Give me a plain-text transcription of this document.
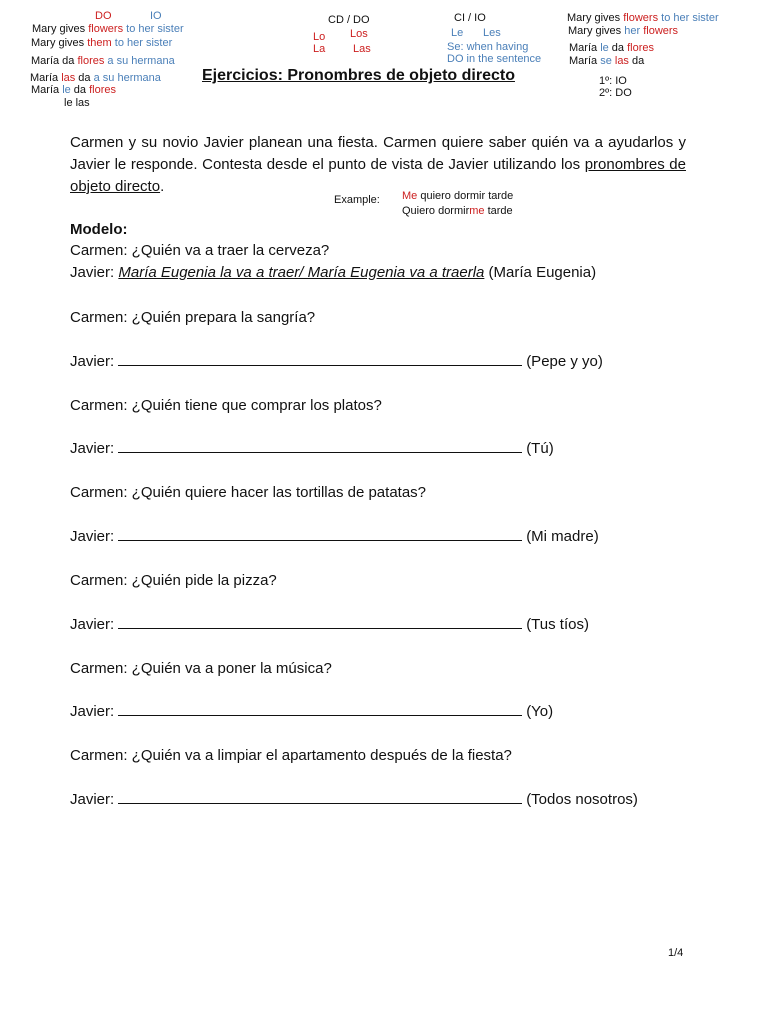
DO	IO
Mary gives flowers to her sister
Mary gives them to her sister
María da flores a su hermana
María las da a su hermana
María le da flores
le las
CD / DO
Lo Los
La	Las
CI / IO
Le Les
Se: when having
DO in the sentence
Mary gives flowers to her sister
Mary gives her flowers
María le da flores
María se las da
1º: IO
2º: DO
Ejercicios: Pronombres de objeto directo
Carmen y su novio Javier planean una fiesta. Carmen quiere saber quién va a ayudarlos y Javier le responde. Contesta desde el punto de vista de Javier utilizando los pronombres de objeto directo.
Example: Me quiero dormir tarde
Quiero dormirme tarde
Modelo:
Carmen: ¿Quién va a traer la cerveza?
Javier: María Eugenia la va a traer/ María Eugenia va a traerla (María Eugenia)
Carmen: ¿Quién prepara la sangría?
Javier:	(Pepe y yo)
Carmen: ¿Quién tiene que comprar los platos?
Javier:	(Tú)
Carmen: ¿Quién quiere hacer las tortillas de patatas?
Javier:	(Mi madre)
Carmen: ¿Quién pide la pizza?
Javier:	(Tus tíos)
Carmen: ¿Quién va a poner la música?
Javier:	(Yo)
Carmen: ¿Quién va a limpiar el apartamento después de la fiesta?
Javier:	(Todos nosotros)
1/4
